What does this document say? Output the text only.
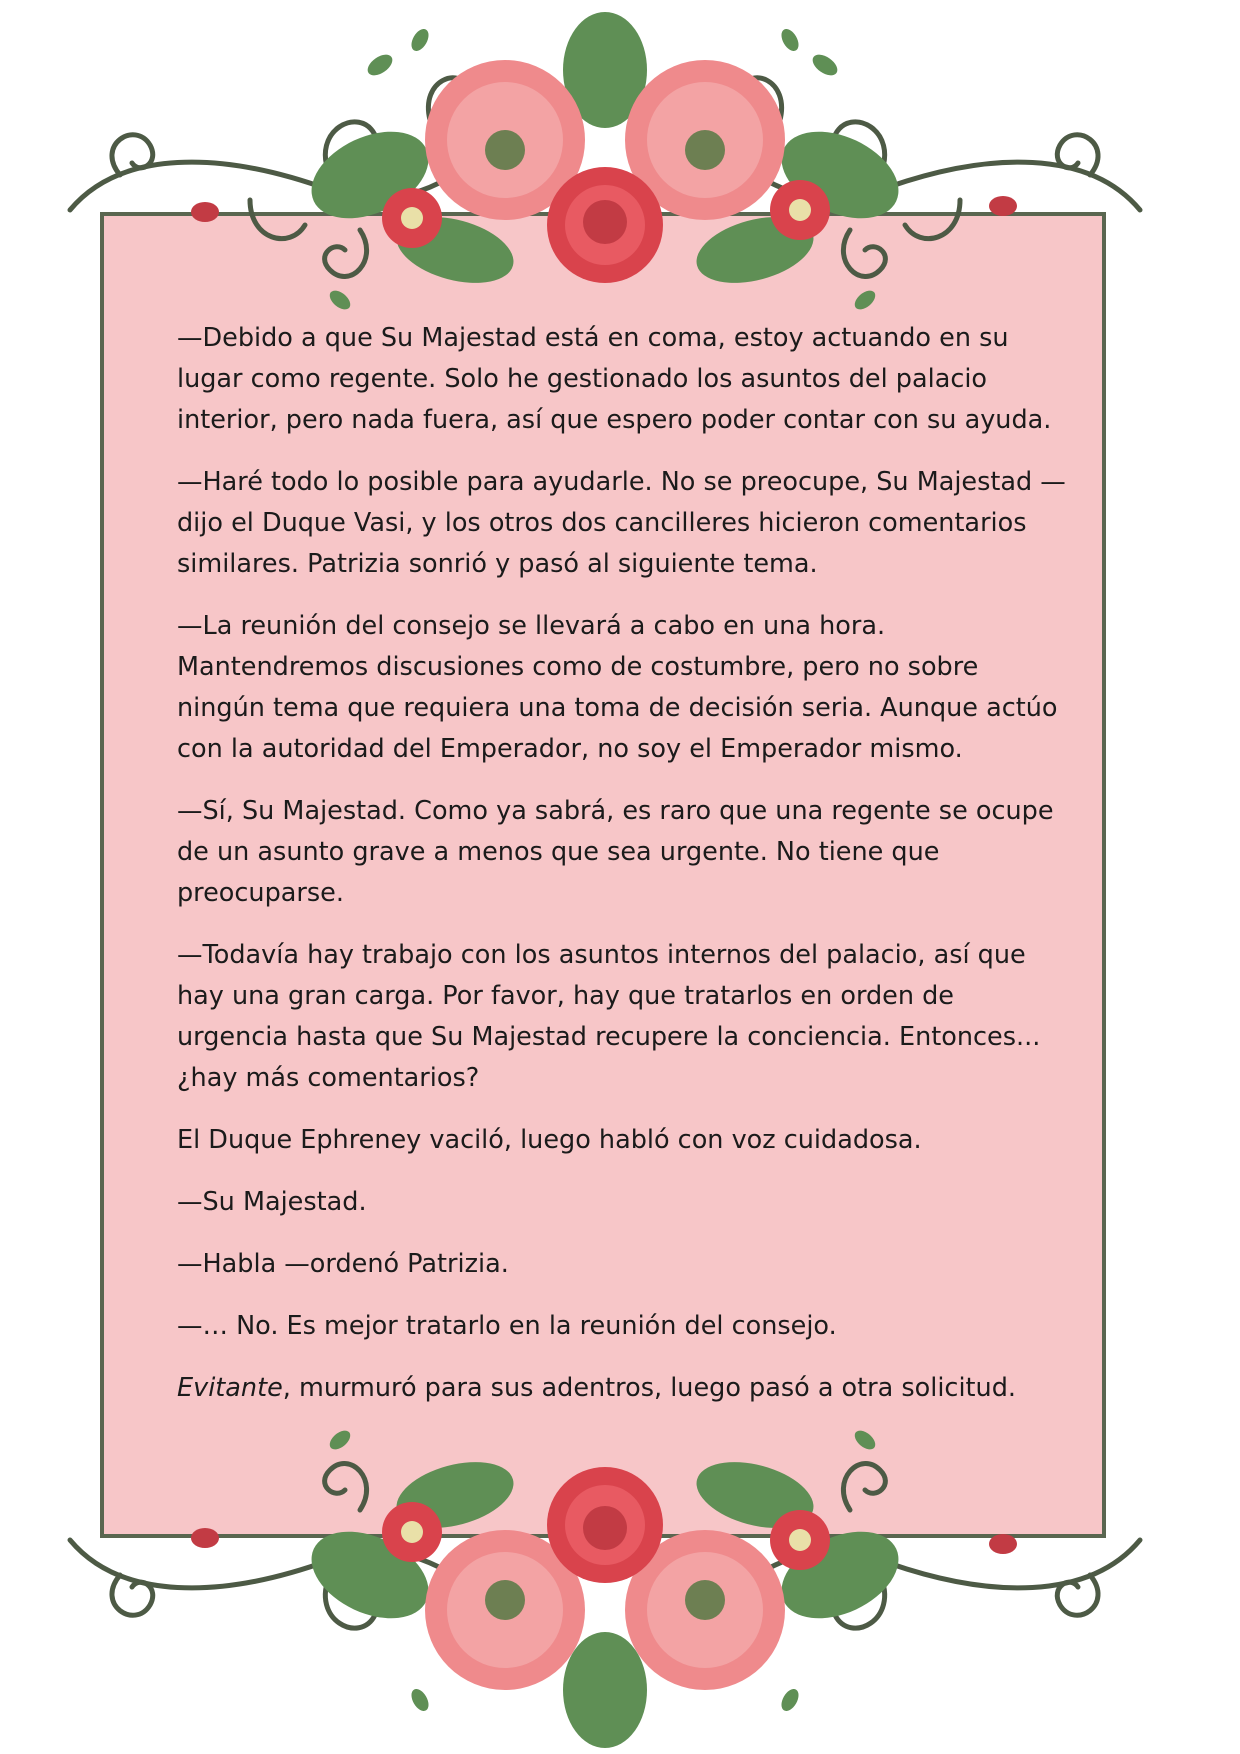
—Debido a que Su Majestad está en coma, estoy actuando en su lugar como regente. Solo he gestionado los asuntos del palacio interior, pero nada fuera, así que espero poder contar con su ayuda.

—Haré todo lo posible para ayudarle. No se preocupe, Su Majestad —dijo el Duque Vasi, y los otros dos cancilleres hicieron comentarios similares. Patrizia sonrió y pasó al siguiente tema.

—La reunión del consejo se llevará a cabo en una hora. Mantendremos discusiones como de costumbre, pero no sobre ningún tema que requiera una toma de decisión seria. Aunque actúo con la autoridad del Emperador, no soy el Emperador mismo.

—Sí, Su Majestad. Como ya sabrá, es raro que una regente se ocupe de un asunto grave a menos que sea urgente. No tiene que preocuparse.

—Todavía hay trabajo con los asuntos internos del palacio, así que hay una gran carga. Por favor, hay que tratarlos en orden de urgencia hasta que Su Majestad recupere la conciencia. Entonces... ¿hay más comentarios?

El Duque Ephreney vaciló, luego habló con voz cuidadosa.

—Su Majestad.

—Habla —ordenó Patrizia.

—… No. Es mejor tratarlo en la reunión del consejo.

Evitante, murmuró para sus adentros, luego pasó a otra solicitud.
